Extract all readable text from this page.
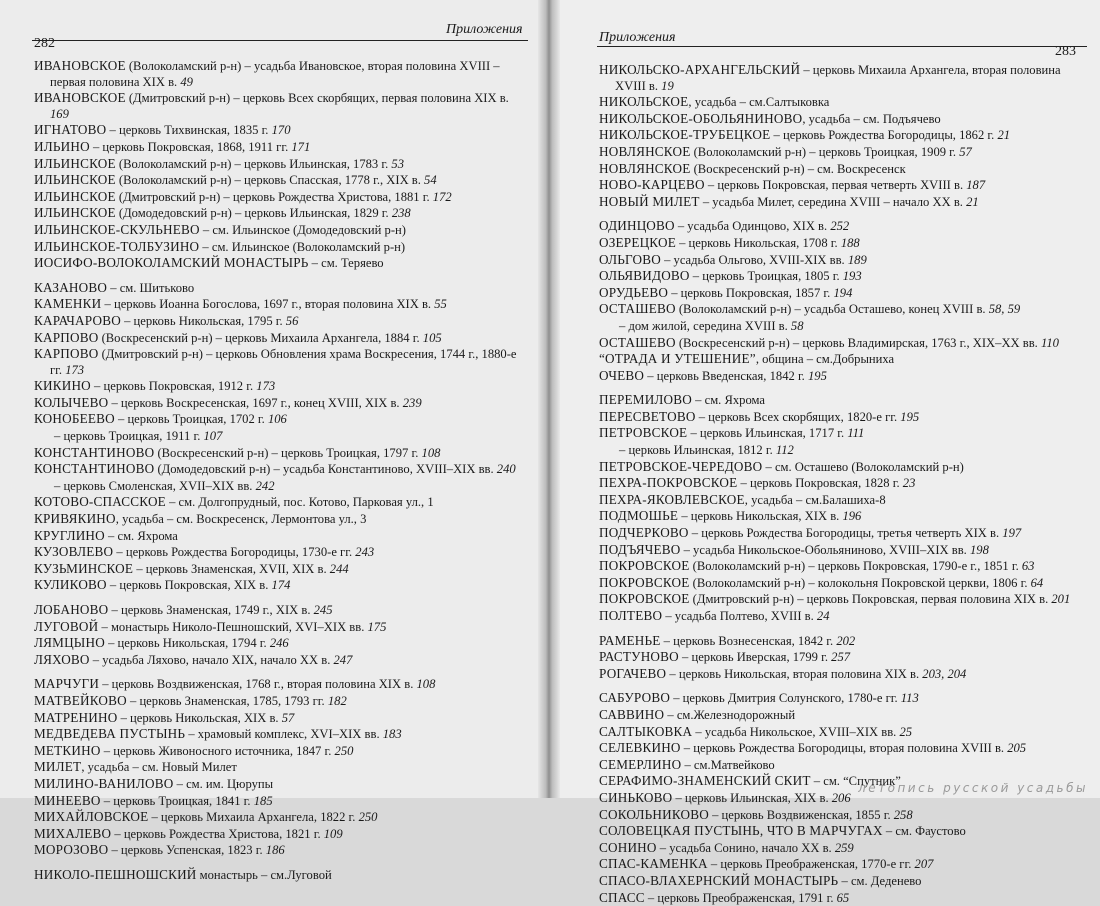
282
Приложения
ИВАНОВСКОЕ (Волоколамский р-н) – усадьба Ивановское, вторая половина XVIII – первая половина XIX в. 49
ИВАНОВСКОЕ (Дмитровский р-н) – церковь Всех скорбящих, первая половина XIX в. 169
ИГНАТОВО – церковь Тихвинская, 1835 г. 170
ИЛЬИНО – церковь Покровская, 1868, 1911 гг. 171
ИЛЬИНСКОЕ (Волоколамский р-н) – церковь Ильинская, 1783 г. 53
ИЛЬИНСКОЕ (Волоколамский р-н) – церковь Спасская, 1778 г., XIX в. 54
ИЛЬИНСКОЕ (Дмитровский р-н) – церковь Рождества Христова, 1881 г. 172
ИЛЬИНСКОЕ (Домодедовский р-н) – церковь Ильинская, 1829 г. 238
ИЛЬИНСКОЕ-СКУЛЬНЕВО – см. Ильинское (Домодедовский р-н)
ИЛЬИНСКОЕ-ТОЛБУЗИНО – см. Ильинское (Волоколамский р-н)
ИОСИФО-ВОЛОКОЛАМСКИЙ МОНАСТЫРЬ – см. Теряево
КАЗАНОВО – см. Шитьково
КАМЕНКИ – церковь Иоанна Богослова, 1697 г., вторая половина XIX в. 55
КАРАЧАРОВО – церковь Никольская, 1795 г. 56
КАРПОВО (Воскресенский р-н) – церковь Михаила Архангела, 1884 г. 105
КАРПОВО (Дмитровский р-н) – церковь Обновления храма Воскресения, 1744 г., 1880-е гг. 173
КИКИНО – церковь Покровская, 1912 г. 173
КОЛЫЧЕВО – церковь Воскресенская, 1697 г., конец XVIII, XIX в. 239
КОНОБЕЕВО – церковь Троицкая, 1702 г. 106
– церковь Троицкая, 1911 г. 107
КОНСТАНТИНОВО (Воскресенский р-н) – церковь Троицкая, 1797 г. 108
КОНСТАНТИНОВО (Домодедовский р-н) – усадьба Константиново, XVIII–XIX вв. 240
– церковь Смоленская, XVII–XIX вв. 242
КОТОВО-СПАССКОЕ – см. Долгопрудный, пос. Котово, Парковая ул., 1
КРИВЯКИНО, усадьба – см. Воскресенск, Лермонтова ул., 3
КРУГЛИНО – см. Яхрома
КУЗОВЛЕВО – церковь Рождества Богородицы, 1730-е гг. 243
КУЗЬМИНСКОЕ – церковь Знаменская, XVII, XIX в. 244
КУЛИКОВО – церковь Покровская, XIX в. 174
ЛОБАНОВО – церковь Знаменская, 1749 г., XIX в. 245
ЛУГОВОЙ – монастырь Николо-Пешношский, XVI–XIX вв. 175
ЛЯМЦЫНО – церковь Никольская, 1794 г. 246
ЛЯХОВО – усадьба Ляхово, начало XIX, начало XX в. 247
МАРЧУГИ – церковь Воздвиженская, 1768 г., вторая половина XIX в. 108
МАТВЕЙКОВО – церковь Знаменская, 1785, 1793 гг. 182
МАТРЕНИНО – церковь Никольская, XIX в. 57
МЕДВЕДЕВА ПУСТЫНЬ – храмовый комплекс, XVI–XIX вв. 183
МЕТКИНО – церковь Живоносного источника, 1847 г. 250
МИЛЕТ, усадьба – см. Новый Милет
МИЛИНО-ВАНИЛОВО – см. им. Цюрупы
МИНЕЕВО – церковь Троицкая, 1841 г. 185
МИХАЙЛОВСКОЕ – церковь Михаила Архангела, 1822 г. 250
МИХАЛЕВО – церковь Рождества Христова, 1821 г. 109
МОРОЗОВО – церковь Успенская, 1823 г. 186
НИКОЛО-ПЕШНОШСКИЙ монастырь – см.Луговой
Приложения
283
НИКОЛЬСКО-АРХАНГЕЛЬСКИЙ – церковь Михаила Архангела, вторая половина XVIII в. 19
НИКОЛЬСКОЕ, усадьба – см.Салтыковка
НИКОЛЬСКОЕ-ОБОЛЬЯНИНОВО, усадьба – см. Подъячево
НИКОЛЬСКОЕ-ТРУБЕЦКОЕ – церковь Рождества Богородицы, 1862 г. 21
НОВЛЯНСКОЕ (Волоколамский р-н) – церковь Троицкая, 1909 г. 57
НОВЛЯНСКОЕ (Воскресенский р-н) – см. Воскресенск
НОВО-КАРЦЕВО – церковь Покровская, первая четверть XVIII в. 187
НОВЫЙ МИЛЕТ – усадьба Милет, середина XVIII – начало XX в. 21
ОДИНЦОВО – усадьба Одинцово, XIX в. 252
ОЗЕРЕЦКОЕ – церковь Никольская, 1708 г. 188
ОЛЬГОВО – усадьба Ольгово, XVIII-XIX вв. 189
ОЛЬЯВИДОВО – церковь Троицкая, 1805 г. 193
ОРУДЬЕВО – церковь Покровская, 1857 г. 194
ОСТАШЕВО (Волоколамский р-н) – усадьба Осташево, конец XVIII в. 58, 59
– дом жилой, середина XVIII в. 58
ОСТАШЕВО (Воскресенский р-н) – церковь Владимирская, 1763 г., XIX–XX вв. 110
“ОТРАДА И УТЕШЕНИЕ”, община – см.Добрыниха
ОЧЕВО – церковь Введенская, 1842 г. 195
ПЕРЕМИЛОВО – см. Яхрома
ПЕРЕСВЕТОВО – церковь Всех скорбящих, 1820-е гг. 195
ПЕТРОВСКОЕ – церковь Ильинская, 1717 г. 111
– церковь Ильинская, 1812 г. 112
ПЕТРОВСКОЕ-ЧЕРЕДОВО – см. Осташево (Волоколамский р-н)
ПЕХРА-ПОКРОВСКОЕ – церковь Покровская, 1828 г. 23
ПЕХРА-ЯКОВЛЕВСКОЕ, усадьба – см.Балашиха-8
ПОДМОШЬЕ – церковь Никольская, XIX в. 196
ПОДЧЕРКОВО – церковь Рождества Богородицы, третья четверть XIX в. 197
ПОДЪЯЧЕВО – усадьба Никольское-Обольяниново, XVIII–XIX вв. 198
ПОКРОВСКОЕ (Волоколамский р-н) – церковь Покровская, 1790-е г., 1851 г. 63
ПОКРОВСКОЕ (Волоколамский р-н) – колокольня Покровской церкви, 1806 г. 64
ПОКРОВСКОЕ (Дмитровский р-н) – церковь Покровская, первая половина XIX в. 201
ПОЛТЕВО – усадьба Полтево, XVIII в. 24
РАМЕНЬЕ – церковь Вознесенская, 1842 г. 202
РАСТУНОВО – церковь Иверская, 1799 г. 257
РОГАЧЕВО – церковь Никольская, вторая половина XIX в. 203, 204
САБУРОВО – церковь Дмитрия Солунского, 1780-е гг. 113
САВВИНО – см.Железнодорожный
САЛТЫКОВКА – усадьба Никольское, XVIII–XIX вв. 25
СЕЛЕВКИНО – церковь Рождества Богородицы, вторая половина XVIII в. 205
СЕМЕРЛИНО – см.Матвейково
СЕРАФИМО-ЗНАМЕНСКИЙ СКИТ – см. “Спутник”
СИНЬКОВО – церковь Ильинская, XIX в. 206
СОКОЛЬНИКОВО – церковь Воздвиженская, 1855 г. 258
СОЛОВЕЦКАЯ ПУСТЫНЬ, ЧТО В МАРЧУГАХ – см. Фаустово
СОНИНО – усадьба Сонино, начало XX в. 259
СПАС-КАМЕНКА – церковь Преображенская, 1770-е гг. 207
СПАСО-ВЛАХЕРНСКИЙ МОНАСТЫРЬ – см. Деденево
СПАСС – церковь Преображенская, 1791 г. 65
летопись русской усадьбы
